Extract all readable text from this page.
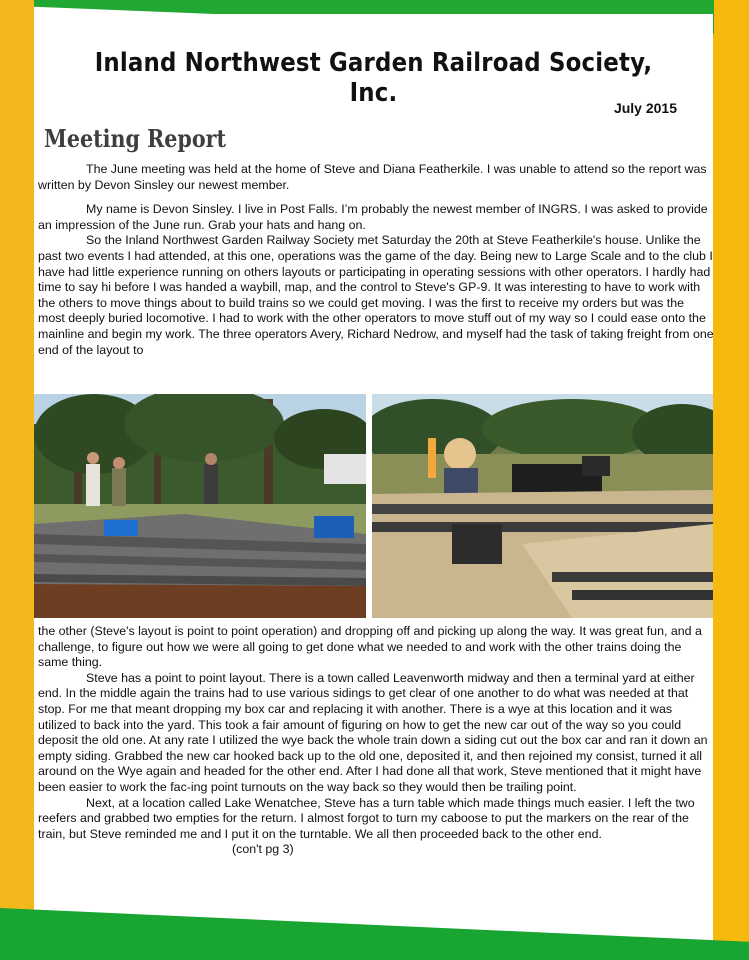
Inland Northwest Garden Railroad Society, Inc.	July 2015
Meeting Report

The June meeting was held at the home of Steve and Diana Featherkile. I was unable to attend so the report was written by Devon Sinsley our newest member.

My name is Devon Sinsley. I live in Post Falls. I’m probably the newest member of INGRS. I was asked to provide an impression of the June run. Grab your hats and hang on.

So the Inland Northwest Garden Railway Society met Saturday the 20th at Steve Featherkile's house. Unlike the past two events I had attended, at this one, operations was the game of the day. Being new to Large Scale and to the club I have had little experience running on others layouts or participating in operating sessions with other operators. I hardly had time to say hi before I was handed a waybill, map, and the control to Steve's GP-9. It was interesting to have to work with the others to move things about to build trains so we could get moving. I was the first to receive my orders but was the most deeply buried locomotive. I had to work with the other operators to move stuff out of my way so I could ease onto the mainline and begin my work. The three operators Avery, Richard Nedrow, and myself had the task of taking freight from one end of the layout to

the other (Steve's layout is point to point operation) and dropping off and picking up along the way. It was great fun, and a challenge, to figure out how we were all going to get done what we needed to and work with the other trains doing the same thing.

Steve has a point to point layout. There is a town called Leavenworth midway and then a terminal yard at either end. In the middle again the trains had to use various sidings to get clear of one another to do what was needed at that stop. For me that meant dropping my box car and replacing it with another. There is a wye at this location and it was utilized to back into the yard. This took a fair amount of figuring on how to get the new car out of the way so you could deposit the old one. At any rate I utilized the wye back the whole train down a siding cut out the box car and ran it down an empty siding. Grabbed the new car hooked back up to the old one, deposited it, and then rejoined my consist, turned it all around on the Wye again and headed for the other end. After I had done all that work, Steve mentioned that it might have been easier to work the fac-ing point turnouts on the way back so they would then be trailing point.

Next, at a location called Lake Wenatchee, Steve has a turn table which made things much easier. I left the two reefers and grabbed two empties for the return. I almost forgot to turn my caboose to put the markers on the rear of the train, but Steve reminded me and I put it on the turntable. We all then proceeded back to the other end.(con't pg 3)
